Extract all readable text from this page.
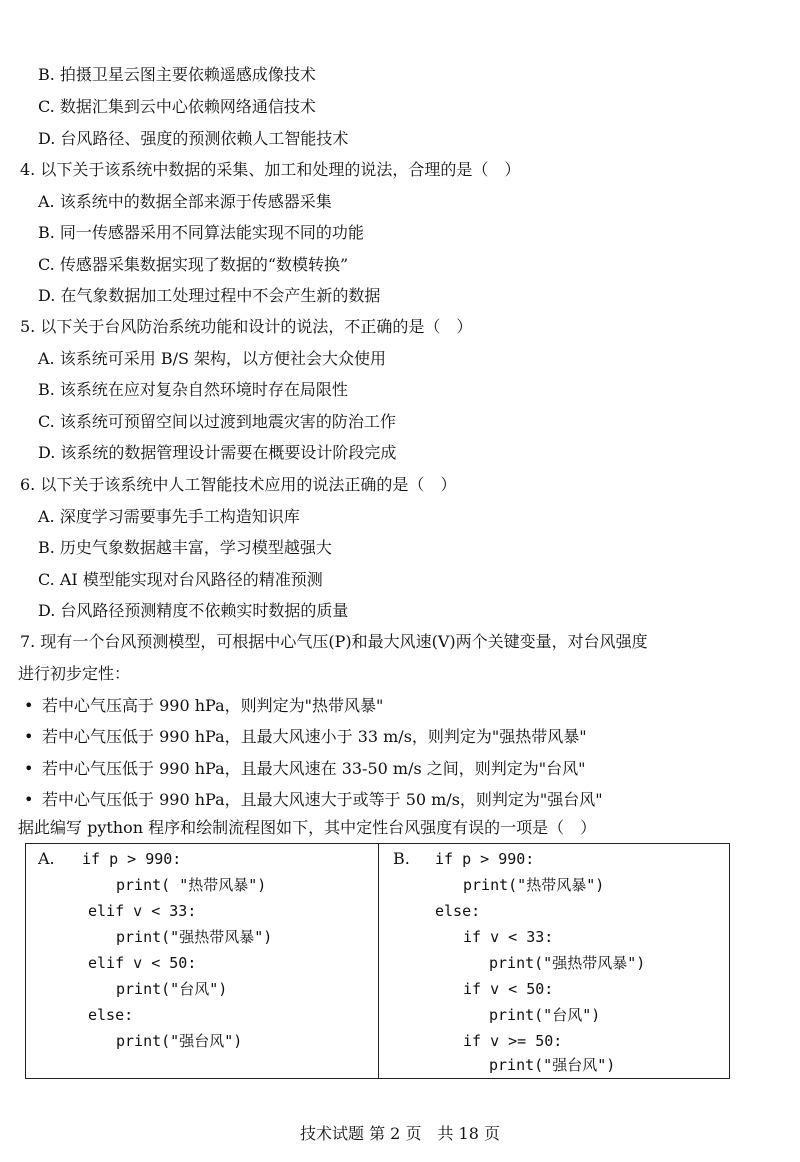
B. 拍摄卫星云图主要依赖遥感成像技术
C. 数据汇集到云中心依赖网络通信技术
D. 台风路径、强度的预测依赖人工智能技术
4. 以下关于该系统中数据的采集、加工和处理的说法，合理的是（　）
A. 该系统中的数据全部来源于传感器采集
B. 同一传感器采用不同算法能实现不同的功能
C. 传感器采集数据实现了数据的“数模转换”
D. 在气象数据加工处理过程中不会产生新的数据
5. 以下关于台风防治系统功能和设计的说法，不正确的是（　）
A. 该系统可采用 B/S 架构，以方便社会大众使用
B. 该系统在应对复杂自然环境时存在局限性
C. 该系统可预留空间以过渡到地震灾害的防治工作
D. 该系统的数据管理设计需要在概要设计阶段完成
6. 以下关于该系统中人工智能技术应用的说法正确的是（　）
A. 深度学习需要事先手工构造知识库
B. 历史气象数据越丰富，学习模型越强大
C. AI 模型能实现对台风路径的精准预测
D. 台风路径预测精度不依赖实时数据的质量
7. 现有一个台风预测模型，可根据中心气压(P)和最大风速(V)两个关键变量，对台风强度
进行初步定性：
• 若中心气压高于 990 hPa，则判定为"热带风暴"
• 若中心气压低于 990 hPa，且最大风速小于 33 m/s，则判定为"强热带风暴"
• 若中心气压低于 990 hPa，且最大风速在 33-50 m/s 之间，则判定为"台风"
• 若中心气压低于 990 hPa，且最大风速大于或等于 50 m/s，则判定为"强台风"
据此编写 python 程序和绘制流程图如下，其中定性台风强度有误的一项是（　）
A. if p > 990:
print( "热带风暴")
elif v < 33:
print("强热带风暴")
elif v < 50:
print("台风")
else:
print("强台风")
B. if p > 990:
print("热带风暴")
else:
if v < 33:
print("强热带风暴")
if v < 50:
print("台风")
if v >= 50:
print("强台风")
技术试题 第 2 页　共 18 页
